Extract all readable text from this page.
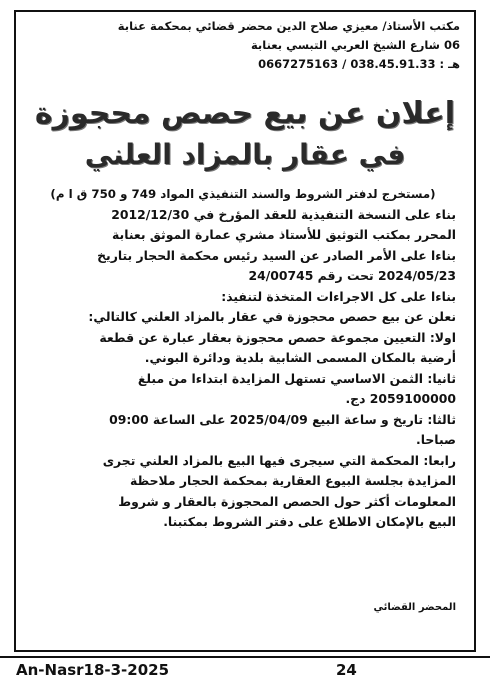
مكتب الأستاذ/ معيزي صلاح الدين محضر قضائي بمحكمة عنابة
06 شارع الشيخ العربي التبسي بعنابة
هـ : 038.45.91.33 / 0667275163
إعلان عن بيع حصص محجوزة
في عقار بالمزاد العلني

(مستخرج لدفتر الشروط والسند التنفيذي المواد 749 و 750 ق ا م)

بناء على النسخة التنفيذية للعقد المؤرخ في 2012/12/30

المحرر بمكتب التوثيق للأستاذ مشري عمارة الموثق بعنابة

بناءا على الأمر الصادر عن السيد رئيس محكمة الحجار بتاريخ

2024/05/23 تحت رقم 24/00745

بناءا على كل الاجراءات المتخذة لتنفيذ:

نعلن عن بيع حصص محجوزة في عقار بالمزاد العلني كالتالي:

اولا: التعيين مجموعة حصص محجوزة بعقار عبارة عن قطعة

أرضية بالمكان المسمى الشابية بلدية ودائرة البوني.

ثانيا: الثمن الاساسي تستهل المزايدة ابتداءا من مبلغ

2059100000 دج.

ثالثا: تاريخ و ساعة البيع 2025/04/09 على الساعة 09:00

صباحا.

رابعا: المحكمة التي سيجرى فيها البيع بالمزاد العلني تجرى

المزايدة بجلسة البيوع العقارية بمحكمة الحجار ملاحظة

المعلومات أكثر حول الحصص المحجوزة بالعقار و شروط

البيع بالإمكان الاطلاع على دفتر الشروط بمكتبنا.

المحضر القضائي
An-Nasr18-3-2025	24
